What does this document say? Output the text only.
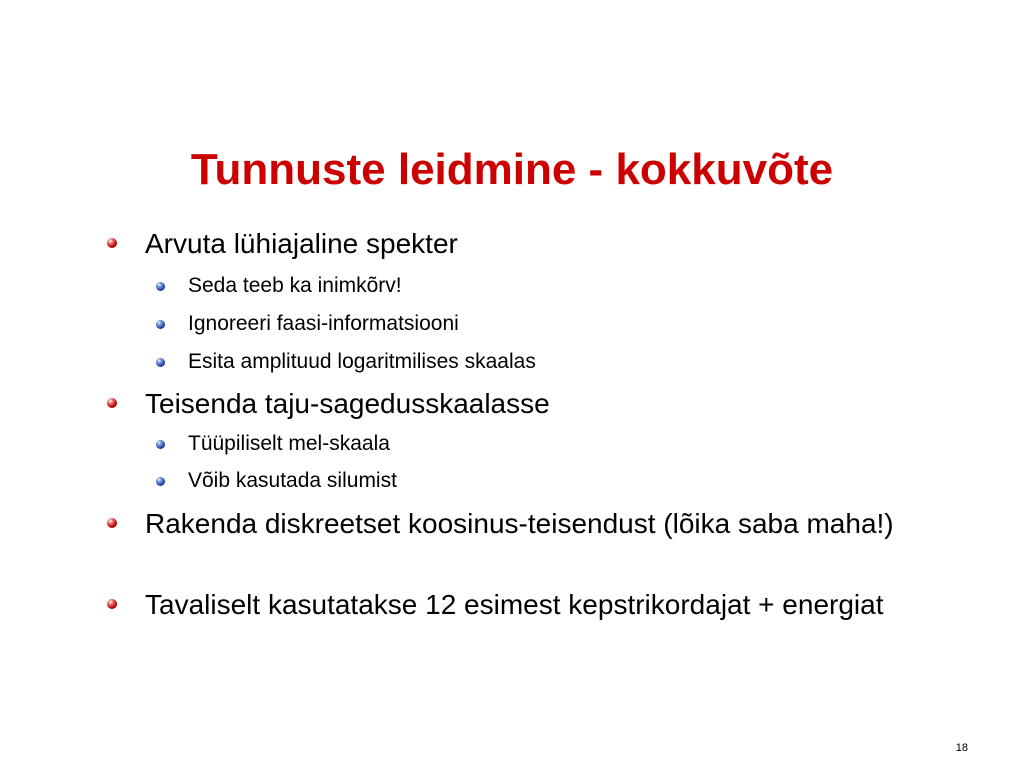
Tunnuste leidmine - kokkuvõte
Arvuta lühiajaline spekter
Seda teeb ka inimkõrv!
Ignoreeri faasi-informatsiooni
Esita amplituud logaritmilises skaalas
Teisenda taju-sagedusskaalasse
Tüüpiliselt mel-skaala
Võib kasutada silumist
Rakenda diskreetset koosinus-teisendust (lõika saba maha!)
Tavaliselt kasutatakse 12 esimest kepstrikordajat + energiat
18
